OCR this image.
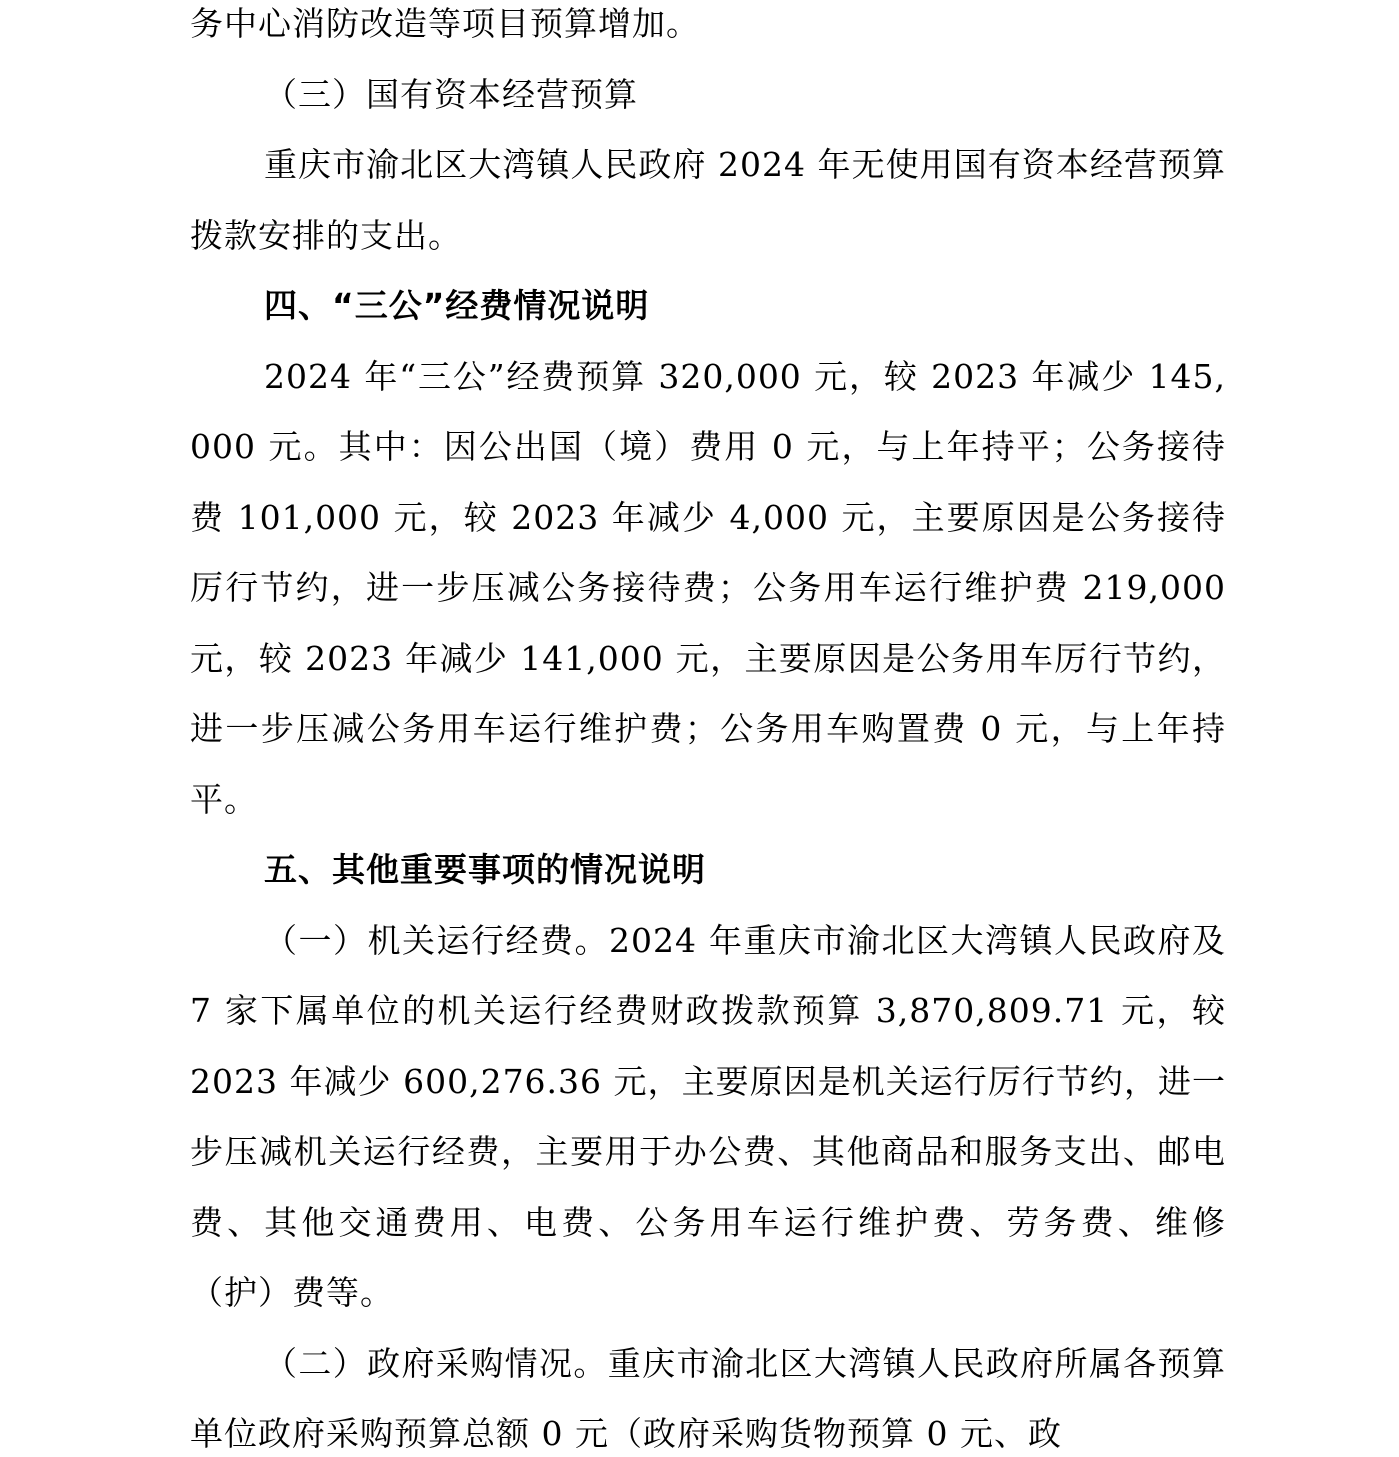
务中心消防改造等项目预算增加。

（三）国有资本经营预算

重庆市渝北区大湾镇人民政府 2024 年无使用国有资本经营预算拨款安排的支出。

四、“三公”经费情况说明

2024 年“三公”经费预算 320,000 元，较 2023 年减少 145,000 元。其中：因公出国（境）费用 0 元，与上年持平；公务接待费 101,000 元，较 2023 年减少 4,000 元，主要原因是公务接待厉行节约，进一步压减公务接待费；公务用车运行维护费 219,000 元，较 2023 年减少 141,000 元，主要原因是公务用车厉行节约，进一步压减公务用车运行维护费；公务用车购置费 0 元，与上年持平。

五、其他重要事项的情况说明

（一）机关运行经费。2024 年重庆市渝北区大湾镇人民政府及 7 家下属单位的机关运行经费财政拨款预算 3,870,809.71 元，较 2023 年减少 600,276.36 元，主要原因是机关运行厉行节约，进一步压减机关运行经费，主要用于办公费、其他商品和服务支出、邮电费、其他交通费用、电费、公务用车运行维护费、劳务费、维修（护）费等。

（二）政府采购情况。重庆市渝北区大湾镇人民政府所属各预算单位政府采购预算总额 0 元（政府采购货物预算 0 元、政
